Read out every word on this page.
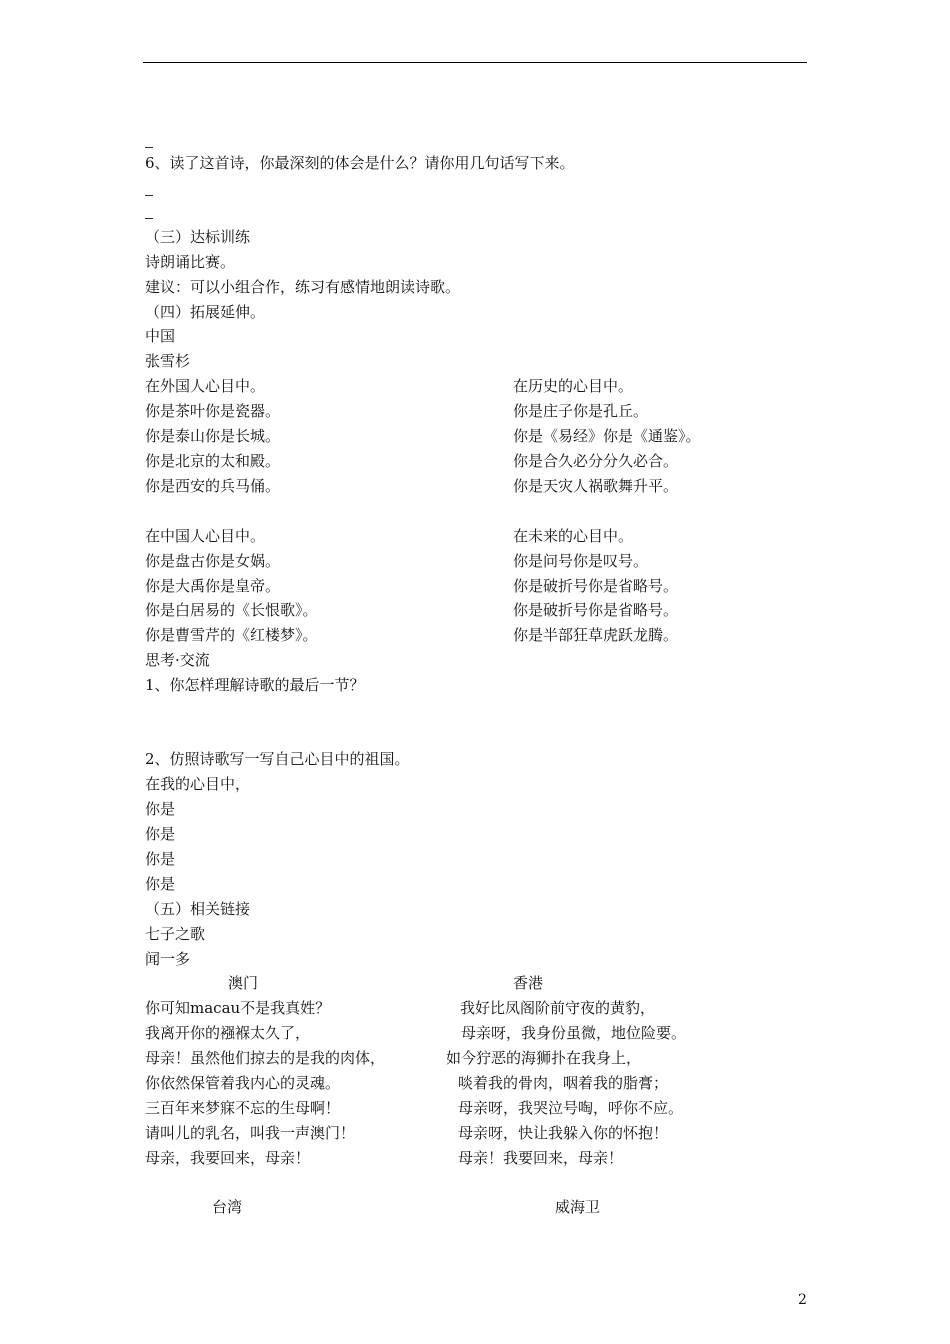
6、读了这首诗，你最深刻的体会是什么？请你用几句话写下来。
（三）达标训练
诗朗诵比赛。
建议：可以小组合作，练习有感情地朗读诗歌。
（四）拓展延伸。
中国
张雪杉
在外国人心目中。
你是茶叶你是瓷器。
你是泰山你是长城。
你是北京的太和殿。
你是西安的兵马俑。
在历史的心目中。
你是庄子你是孔丘。
你是《易经》你是《通鉴》。
你是合久必分分久必合。
你是天灾人祸歌舞升平。
在中国人心目中。
你是盘古你是女娲。
你是大禹你是皇帝。
你是白居易的《长恨歌》。
你是曹雪芹的《红楼梦》。
在未来的心目中。
你是问号你是叹号。
你是破折号你是省略号。
你是破折号你是省略号。
你是半部狂草虎跃龙腾。
思考·交流
1、你怎样理解诗歌的最后一节？
2、仿照诗歌写一写自己心目中的祖国。
在我的心目中，
你是
你是
你是
你是
（五）相关链接
七子之歌
闻一多
澳门	香港
你可知macau不是我真姓？
我离开你的襁褓太久了，
母亲！虽然他们掠去的是我的肉体，
你依然保管着我内心的灵魂。
三百年来梦寐不忘的生母啊！
请叫儿的乳名，叫我一声澳门！
母亲，我要回来，母亲！
我好比凤阁阶前守夜的黄豹，
母亲呀，我身份虽微，地位险要。
如今狞恶的海狮扑在我身上，
啖着我的骨肉，咽着我的脂膏；
母亲呀，我哭泣号啕，呼你不应。
母亲呀，快让我躲入你的怀抱！
母亲！我要回来，母亲！
台湾	威海卫
2
